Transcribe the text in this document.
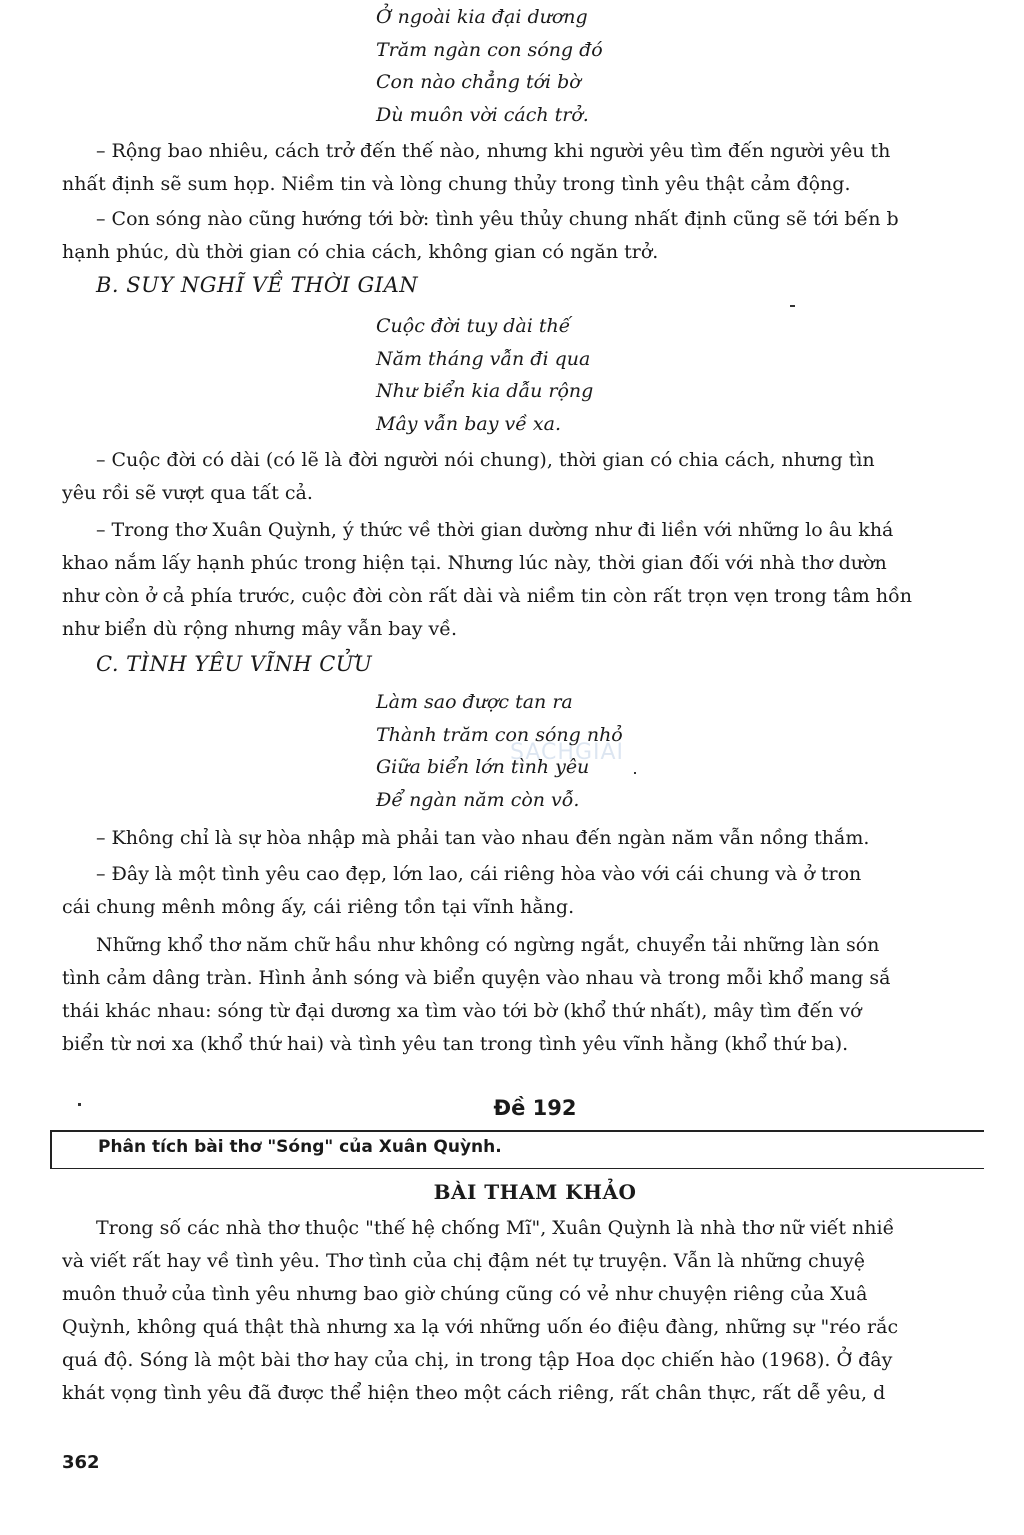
Ở ngoài kia đại dương
Trăm ngàn con sóng đó
Con nào chẳng tới bờ
Dù muôn vời cách trở.
– Rộng bao nhiêu, cách trở đến thế nào, nhưng khi người yêu tìm đến người yêu th
nhất định sẽ sum họp. Niềm tin và lòng chung thủy trong tình yêu thật cảm động.
– Con sóng nào cũng hướng tới bờ: tình yêu thủy chung nhất định cũng sẽ tới bến b
hạnh phúc, dù thời gian có chia cách, không gian có ngăn trở.
B. SUY NGHĨ VỀ THỜI GIAN
Cuộc đời tuy dài thế
Năm tháng vẫn đi qua
Như biển kia dẫu rộng
Mây vẫn bay về xa.
– Cuộc đời có dài (có lẽ là đời người nói chung), thời gian có chia cách, nhưng tìn
yêu rồi sẽ vượt qua tất cả.
– Trong thơ Xuân Quỳnh, ý thức về thời gian dường như đi liền với những lo âu khá
khao nắm lấy hạnh phúc trong hiện tại. Nhưng lúc này, thời gian đối với nhà thơ dườn
như còn ở cả phía trước, cuộc đời còn rất dài và niềm tin còn rất trọn vẹn trong tâm hồn
như biển dù rộng nhưng mây vẫn bay về.
C. TÌNH YÊU VĨNH CỬU
SACHGIAI
Làm sao được tan ra
Thành trăm con sóng nhỏ
Giữa biển lớn tình yêu
Để ngàn năm còn vỗ.
– Không chỉ là sự hòa nhập mà phải tan vào nhau đến ngàn năm vẫn nồng thắm.
– Đây là một tình yêu cao đẹp, lớn lao, cái riêng hòa vào với cái chung và ở tron
cái chung mênh mông ấy, cái riêng tồn tại vĩnh hằng.
Những khổ thơ năm chữ hầu như không có ngừng ngắt, chuyển tải những làn són
tình cảm dâng tràn. Hình ảnh sóng và biển quyện vào nhau và trong mỗi khổ mang sắ
thái khác nhau: sóng từ đại dương xa tìm vào tới bờ (khổ thứ nhất), mây tìm đến vớ
biển từ nơi xa (khổ thứ hai) và tình yêu tan trong tình yêu vĩnh hằng (khổ thứ ba).
Đề 192
Phân tích bài thơ "Sóng" của Xuân Quỳnh.
BÀI THAM KHẢO
Trong số các nhà thơ thuộc "thế hệ chống Mĩ", Xuân Quỳnh là nhà thơ nữ viết nhiề
và viết rất hay về tình yêu. Thơ tình của chị đậm nét tự truyện. Vẫn là những chuyệ
muôn thuở của tình yêu nhưng bao giờ chúng cũng có vẻ như chuyện riêng của Xuâ
Quỳnh, không quá thật thà nhưng xa lạ với những uốn éo điệu đàng, những sự "réo rắc
quá độ. Sóng là một bài thơ hay của chị, in trong tập Hoa dọc chiến hào (1968). Ở đây
khát vọng tình yêu đã được thể hiện theo một cách riêng, rất chân thực, rất dễ yêu, d
362
